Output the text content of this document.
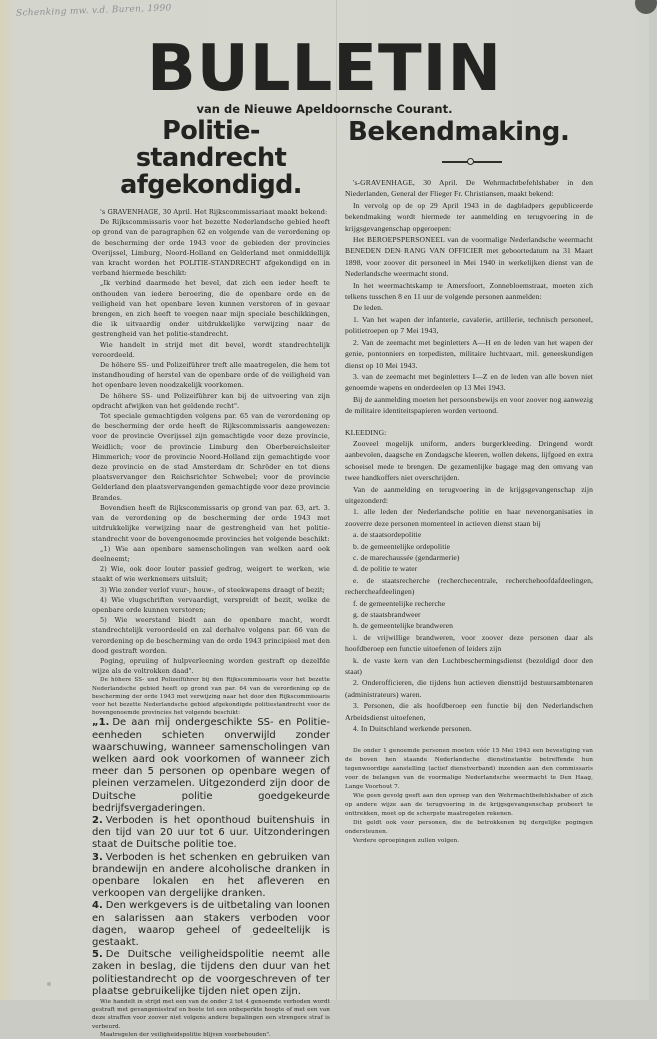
Schenking mw. v.d. Buren, 1990
BULLETIN
van de Nieuwe Apeldoornsche Courant.
Politie-standrecht afgekondigd.

's GRAVENHAGE, 30 April. Het Rijkscommissariaat maakt bekend:

De Rijkscommissaris voor het bezette Nederlandsche gebied heeft op grond van de paragraphen 62 en volgende van de verordening op de bescherming der orde 1943 voor de gebieden der provincies Overijssel, Limburg, Noord-Holland en Gelderland met onmiddellijk van kracht worden het POLITIE-STANDRECHT afgekondigd en in verband hiermede beschikt:

„Ik verbind daarmede het bevel, dat zich een ieder heeft te onthouden van iedere beroering, die de openbare orde en de veiligheid van het openbare leven kunnen verstoren of in gevaar brengen, en zich heeft te voegen naar mijn speciale beschikkingen, die ik uitvaardig onder uitdrukkelijke verwijzing naar de gestrengheid van het politie-standrecht.

Wie handelt in strijd met dit bevel, wordt standrechtelijk veroordeeld.

De höhere SS- und Polizeiführer treft alle maatregelen, die hem tot instandhouding of herstel van de openbare orde of de veiligheid van het openbare leven noodzakelijk voorkomen.

De höhere SS- und Polizeiführer kan bij de uitvoering van zijn opdracht afwijken van het geldende recht".

Tot speciale gemachtigden volgens par. 65 van de verordening op de bescherming der orde heeft de Rijkscommissaris aangewezen: voor de provincie Overijssel zijn gemachtigde voor deze provincie, Weidlich; voor de provincie Limburg den Oberbereichsleiter Himmerich; voor de provincie Noord-Holland zijn gemachtigde voor deze provincie en de stad Amsterdam dr. Schröder en tot diens plaatsvervanger den Reichsrichter Schwebel; voor de provincie Gelderland den plaatsvervangenden gemachtigde voor deze provincie Brandes.

Bovendien heeft de Rijkscommissaris op grond van par. 63, art. 3. van de verordening op de bescherming der orde 1943 met uitdrukkelijke verwijzing naar de gestrengheid van het politie-standrecht voor de bovengenoemde provincies het volgende beschikt:

„1) Wie aan openbare samenscholingen van welken aard ook deelneemt;

2) Wie, ook door louter passief gedrag, weigert te werken, wie staakt of wie werknemers uitsluit;

3) Wie zonder verlof vuur-, houw-, of steekwapens draagt of bezit;

4) Wie vlugschriften vervaardigt, verspreidt of bezit, welke de openbare orde kunnen verstoren;

5) Wie weerstand biedt aan de openbare macht, wordt standrechtelijk veroordeeld en zal derhalve volgens par. 66 van de verordening op de bescherming van de orde 1943 principieel met den dood gestraft worden.

Poging, opruiing of hulpverleening worden gestraft op dezelfde wijze als de voltrokken daad".

De höhere SS- und Polizeiführer bij den Rijkscommissaris voor het bezette Nederlandsche gebied heeft op grond van par. 64 van de verordening op de bescherming der orde 1943 met verwijzing naar het door den Rijkscommissaris voor het bezette Nederlandsche gebied afgekondigde politiestandrecht voor de bovengenoemde provincies het volgende beschikt:

„1. De aan mij ondergeschikte SS- en Politie-eenheden schieten onverwijld zonder waarschuwing, wanneer samenscholingen van welken aard ook voorkomen of wanneer zich meer dan 5 personen op openbare wegen of pleinen verzamelen. Uitgezonderd zijn door de Duitsche politie goedgekeurde bedrijfsvergaderingen.

2. Verboden is het oponthoud buitenshuis in den tijd van 20 uur tot 6 uur. Uitzonderingen staat de Duitsche politie toe.

3. Verboden is het schenken en gebruiken van brandewijn en andere alcoholische dranken in openbare lokalen en het afleveren en verkoopen van dergelijke dranken.

4. Den werkgevers is de uitbetaling van loonen en salarissen aan stakers verboden voor dagen, waarop geheel of gedeeltelijk is gestaakt.

5. De Duitsche veiligheidspolitie neemt alle zaken in beslag, die tijdens den duur van het politiestandrecht op de voorgeschreven of ter plaatse gebruikelijke tijden niet open zijn.

Wie handelt in strijd met een van de onder 2 tot 4 genoemde verboden wordt gestraft met gevangenisstraf en boete tot een onbeperkte hoogte of met een van deze straffen voor zoover niet volgens andere bepalingen een strengere straf is verbeurd.

Maatregelen der veiligheidspolitie blijven voorbehouden".

Bekendmaking.

's-GRAVENHAGE, 30 April. De Wehrmachtbefehlshaber in den Niederlanden, General der Flieger Fr. Christiansen, maakt bekend:

In vervolg op de op 29 April 1943 in de dagbladpers gepubliceerde bekendmaking wordt hiermede ter aanmelding en terugvoering in de krijgsgevangenschap opgeroepen:

Het BEROEPSPERSONEEL van de voormalige Nederlandsche weermacht BENEDEN DEN RANG VAN OFFICIER met geboortedatum na 31 Maart 1898, voor zoover dit personeel in Mei 1940 in werkelijken dienst van de Nederlandsche weermacht stond.

In het weermachtskamp te Amersfoort, Zonnebloemstraat, moeten zich telkens tusschen 8 en 11 uur de volgende personen aanmelden:

De leden.

1. Van het wapen der infanterie, cavalerie, artillerie, technisch personeel, politietroepen op 7 Mei 1943,

2. Van de zeemacht met beginletters A—H en de leden van het wapen der genie, pontonniers en torpedisten, militaire luchtvaart, mil. geneeskundigen dienst op 10 Mei 1943.

3. van de zeemacht met beginletters I—Z en de leden van alle boven niet genoemde wapens en onderdeelen op 13 Mei 1943.

Bij de aanmelding moeten het persoonsbewijs en voor zoover nog aanwezig de militaire identiteitspapieren worden vertoond.

KLEEDING:

Zooveel mogelijk uniform, anders burgerkleeding. Dringend wordt aanbevolen, daagsche en Zondagsche kleeren, wollen dekens, lijfgoed en extra schoeisel mede te brengen. De gezamenlijke bagage mag den omvang van twee handkoffers niet overschrijden.

Van de aanmelding en terugvoering in de krijgsgevangenschap zijn uitgezonderd:

1. alle leden der Nederlandsche politie en haar nevenorganisaties in zooverre deze personen momenteel in actieven dienst staan bij

a. de staatsordepolitie

b. de gemeentelijke ordepolitie

c. de marechaussée (gendarmerie)

d. de politie te water

e. de staatsrecherche (recherchecentrale, recherchehoofdafdeelingen, rechercheafdeelingen)

f. de gemeentelijke recherche

g. de staatsbrandweer

h. de gemeentelijke brandweren

i. de vrijwillige brandweren, voor zoover deze personen daar als hoofdberoep een functie uitoefenen of leiders zijn

k. de vaste kern van den Luchtbeschermingsdienst (bezoldigd door den staat)

2. Onderofficieren, die tijdens hun actieven diensttijd bestuursambtenaren (administrateurs) waren.

3. Personen, die als hoofdberoep een functie bij den Nederlandschen Arbeidsdienst uitoefenen,

4. In Duitschland werkende personen.

De onder 1 genoemde personen moeten vóór 15 Mei 1943 een bevestiging van de boven hen staande Nederlandsche dienstinstantie betreffende hun tegenwoordige aanstelling (actief dienstverband) inzenden aan den commissaris voor de belangen van de voormalige Nederlandsche weermacht te Den Haag, Lange Voorhout 7.

Wie geen gevolg geeft aan den oproep van den Wehrmachtbefehlshaber of zich op andere wijze aan de terugvoering in de krijgsgevangenschap probeert te onttrekken, moet op de scherpste maatregelen rekenen.

Dit geldt ook voor personen, die de betrokkenen bij dergelijke pogingen ondersteunen.

Verdere oproepingen zullen volgen.
